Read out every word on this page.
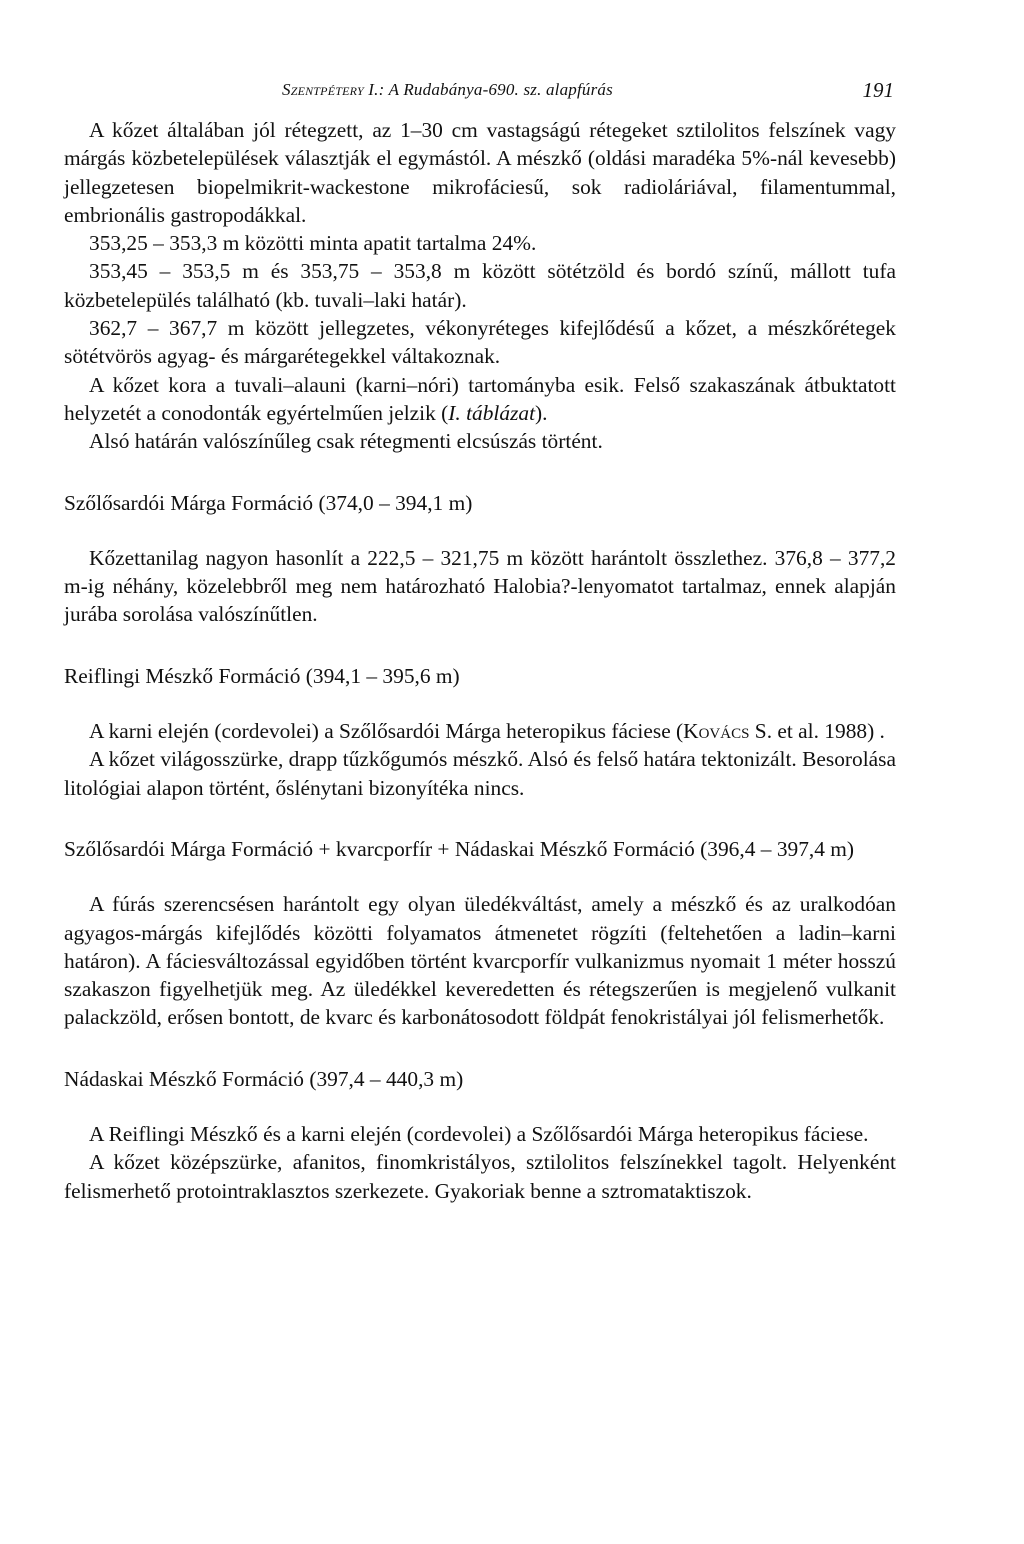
Szentpétery I.: A Rudabánya-690. sz. alapfúrás	191

A kőzet általában jól rétegzett, az 1–30 cm vastagságú rétegeket sztilolitos felszínek vagy márgás közbetelepülések választják el egymástól. A mészkő (oldási maradéka 5%-nál kevesebb) jellegzetesen biopelmikrit-wackestone mikrofáciesű, sok radioláriával, filamentummal, embrionális gastropodákkal.

353,25 – 353,3 m közötti minta apatit tartalma 24%.

353,45 – 353,5 m és 353,75 – 353,8 m között sötétzöld és bordó színű, mállott tufa közbetelepülés található (kb. tuvali–laki határ).

362,7 – 367,7 m között jellegzetes, vékonyréteges kifejlődésű a kőzet, a mészkőrétegek sötétvörös agyag- és márgarétegekkel váltakoznak.

A kőzet kora a tuvali–alauni (karni–nóri) tartományba esik. Felső szakaszának átbuktatott helyzetét a conodonták egyértelműen jelzik (I. táblázat).

Alsó határán valószínűleg csak rétegmenti elcsúszás történt.

Szőlősardói Márga Formáció (374,0 – 394,1 m)

Kőzettanilag nagyon hasonlít a 222,5 – 321,75 m között harántolt összlethez. 376,8 – 377,2 m-ig néhány, közelebbről meg nem határozható Halobia?-lenyomatot tartalmaz, ennek alapján jurába sorolása valószínűtlen.

Reiflingi Mészkő Formáció (394,1 – 395,6 m)

A karni elején (cordevolei) a Szőlősardói Márga heteropikus fáciese (Kovács S. et al. 1988) .

A kőzet világosszürke, drapp tűzkőgumós mészkő. Alsó és felső határa tektonizált. Besorolása litológiai alapon történt, őslénytani bizonyítéka nincs.

Szőlősardói Márga Formáció + kvarcporfír + Nádaskai Mészkő Formáció (396,4 – 397,4 m)

A fúrás szerencsésen harántolt egy olyan üledékváltást, amely a mészkő és az uralkodóan agyagos-márgás kifejlődés közötti folyamatos átmenetet rögzíti (feltehetően a ladin–karni határon). A fáciesváltozással egyidőben történt kvarcporfír vulkanizmus nyomait 1 méter hosszú szakaszon figyelhetjük meg. Az üledékkel keveredetten és rétegszerűen is megjelenő vulkanit palackzöld, erősen bontott, de kvarc és karbonátosodott földpát fenokristályai jól felismerhetők.

Nádaskai Mészkő Formáció (397,4 – 440,3 m)

A Reiflingi Mészkő és a karni elején (cordevolei) a Szőlősardói Márga heteropikus fáciese.

A kőzet középszürke, afanitos, finomkristályos, sztilolitos felszínekkel tagolt. Helyenként felismerhető protointraklasztos szerkezete. Gyakoriak benne a sztromataktiszok.
